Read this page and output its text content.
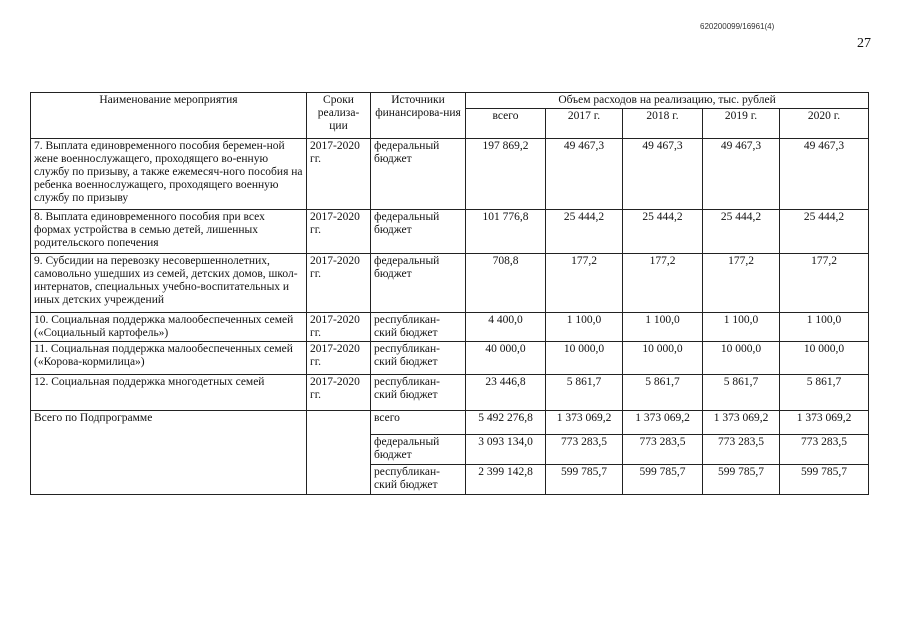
620200099/16961(4)
27
Наименование мероприятия	Сроки реализа-ции	Источники финансирова-ния	Объем расходов на реализацию, тыс. рублей				
			всего	2017 г.	2018 г.	2019 г.	2020 г.
7. Выплата единовременного пособия беремен-ной жене военнослужащего, проходящего во-енную службу по призыву, а также ежемесяч-ного пособия на ребенка военнослужащего, проходящего военную службу по призыву	2017-2020 гг.	федеральный бюджет	197 869,2	49 467,3	49 467,3	49 467,3	49 467,3
8. Выплата единовременного пособия при всех формах устройства в семью детей, лишенных родительского попечения	2017-2020 гг.	федеральный бюджет	101 776,8	25 444,2	25 444,2	25 444,2	25 444,2
9. Субсидии на перевозку несовершеннолетних, самовольно ушедших из семей, детских домов, школ-интернатов, специальных учебно-воспитательных и иных детских учреждений	2017-2020 гг.	федеральный бюджет	708,8	177,2	177,2	177,2	177,2
10. Социальная поддержка малообеспеченных семей («Социальный картофель»)	2017-2020 гг.	республикан-ский бюджет	4 400,0	1 100,0	1 100,0	1 100,0	1 100,0
11. Социальная поддержка малообеспеченных семей («Корова-кормилица»)	2017-2020 гг.	республикан-ский бюджет	40 000,0	10 000,0	10 000,0	10 000,0	10 000,0
12. Социальная поддержка многодетных семей	2017-2020 гг.	республикан-ский бюджет	23 446,8	5 861,7	5 861,7	5 861,7	5 861,7
Всего по Подпрограмме		всего	5 492 276,8	1 373 069,2	1 373 069,2	1 373 069,2	1 373 069,2
		федеральный бюджет	3 093 134,0	773 283,5	773 283,5	773 283,5	773 283,5
		республикан-ский бюджет	2 399 142,8	599 785,7	599 785,7	599 785,7	599 785,7
